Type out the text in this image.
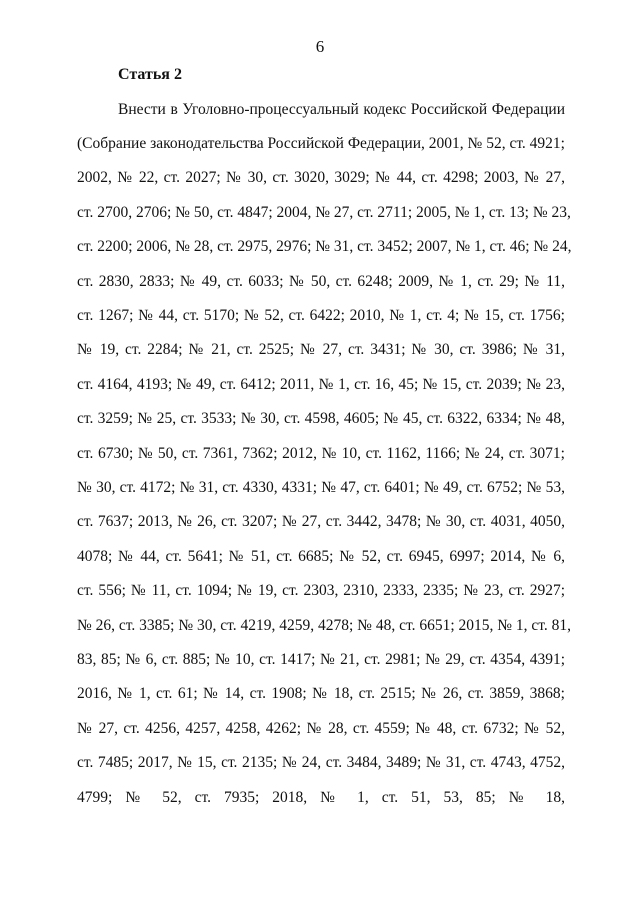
6
Статья 2
Внести в Уголовно-процессуальный кодекс Российской Федерации
(Собрание законодательства Российской Федерации, 2001, № 52, ст. 4921;
2002, № 22, ст. 2027; № 30, ст. 3020, 3029; № 44, ст. 4298; 2003, № 27,
ст. 2700, 2706; № 50, ст. 4847; 2004, № 27, ст. 2711; 2005, № 1, ст. 13; № 23,
ст. 2200; 2006, № 28, ст. 2975, 2976; № 31, ст. 3452; 2007, № 1, ст. 46; № 24,
ст. 2830, 2833; № 49, ст. 6033; № 50, ст. 6248; 2009, № 1, ст. 29; № 11,
ст. 1267; № 44, ст. 5170; № 52, ст. 6422; 2010, № 1, ст. 4; № 15, ст. 1756;
№ 19, ст. 2284; № 21, ст. 2525; № 27, ст. 3431; № 30, ст. 3986; № 31,
ст. 4164, 4193; № 49, ст. 6412; 2011, № 1, ст. 16, 45; № 15, ст. 2039; № 23,
ст. 3259; № 25, ст. 3533; № 30, ст. 4598, 4605; № 45, ст. 6322, 6334; № 48,
ст. 6730; № 50, ст. 7361, 7362; 2012, № 10, ст. 1162, 1166; № 24, ст. 3071;
№ 30, ст. 4172; № 31, ст. 4330, 4331; № 47, ст. 6401; № 49, ст. 6752; № 53,
ст. 7637; 2013, № 26, ст. 3207; № 27, ст. 3442, 3478; № 30, ст. 4031, 4050,
4078; № 44, ст. 5641; № 51, ст. 6685; № 52, ст. 6945, 6997; 2014, № 6,
ст. 556; № 11, ст. 1094; № 19, ст. 2303, 2310, 2333, 2335; № 23, ст. 2927;
№ 26, ст. 3385; № 30, ст. 4219, 4259, 4278; № 48, ст. 6651; 2015, № 1, ст. 81,
83, 85; № 6, ст. 885; № 10, ст. 1417; № 21, ст. 2981; № 29, ст. 4354, 4391;
2016, № 1, ст. 61; № 14, ст. 1908; № 18, ст. 2515; № 26, ст. 3859, 3868;
№ 27, ст. 4256, 4257, 4258, 4262; № 28, ст. 4559; № 48, ст. 6732; № 52,
ст. 7485; 2017, № 15, ст. 2135; № 24, ст. 3484, 3489; № 31, ст. 4743, 4752,
4799; № 52, ст. 7935; 2018, № 1, ст. 51, 53, 85; № 18,
